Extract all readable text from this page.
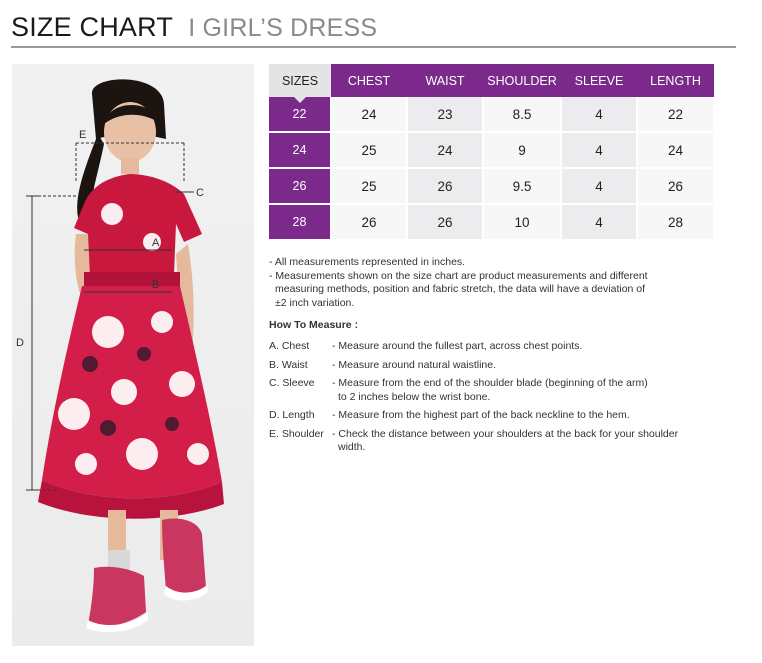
SIZE CHART I GIRL’S DRESS
E
C
A
B
D
SIZES	CHEST	WAIST	SHOULDER	SLEEVE	LENGTH
22	24	23	8.5	4	22
24	25	24	9	4	24
26	25	26	9.5	4	26
28	26	26	10	4	28

- All measurements represented in inches.

- Measurements shown on the size chart are product measurements and different

measuring methods, position and fabric stretch, the data will have a deviation of

±2 inch variation.

How To Measure :
A. Chest	- Measure around the fullest part, across chest points.
B. Waist	- Measure around natural waistline.
C. Sleeve	- Measure from the end of the shoulder blade (beginning of the arm)
to 2 inches below the wrist bone.
D. Length	- Measure from the highest part of the back neckline to the hem.
E. Shoulder - Check the distance between your shoulders at the back for your shoulder
width.
